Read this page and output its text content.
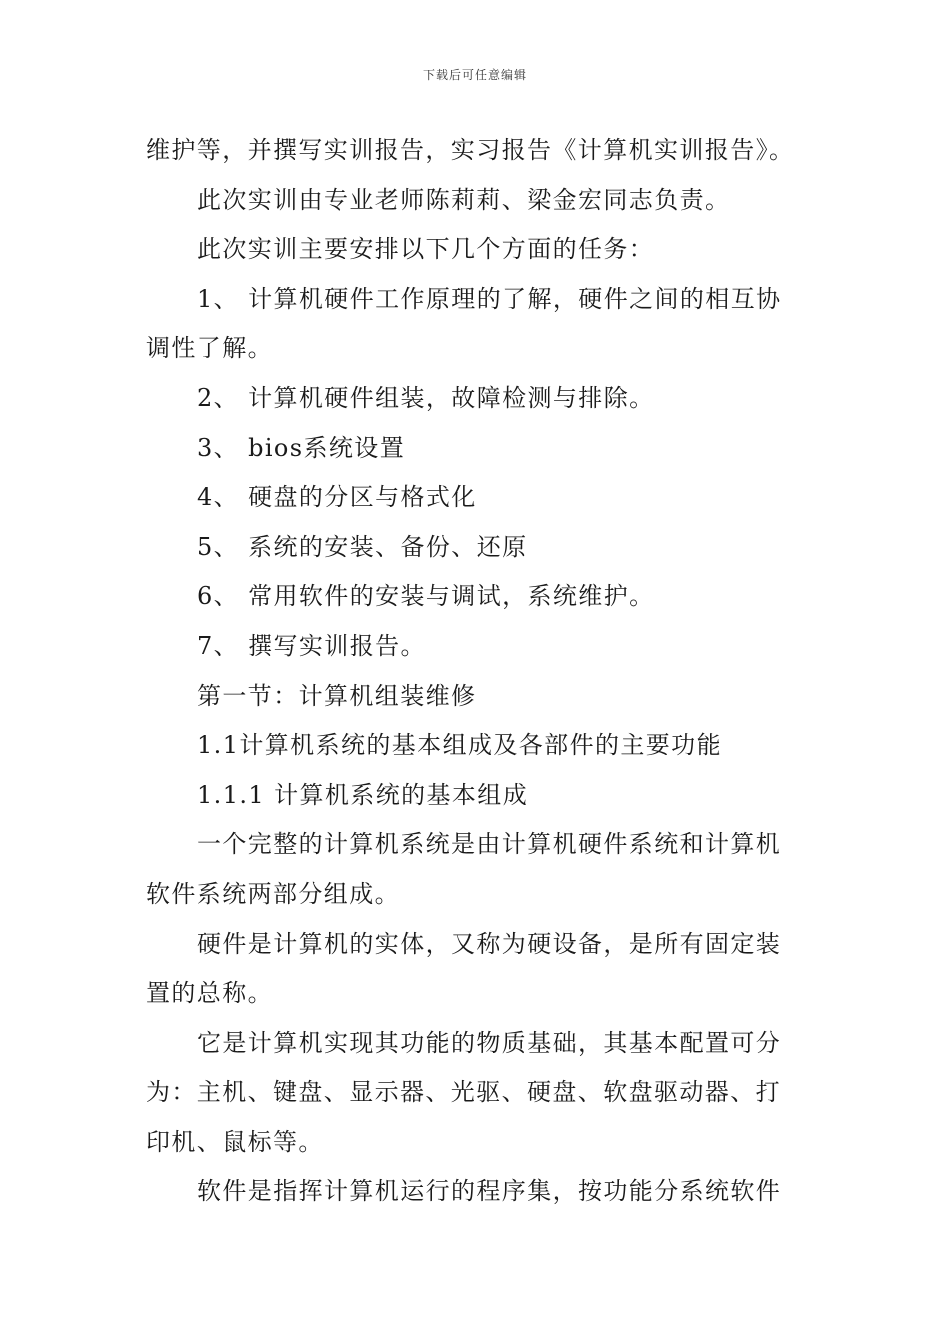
下载后可任意编辑
维护等，并撰写实训报告，实习报告《计算机实训报告》。
此次实训由专业老师陈莉莉、梁金宏同志负责。
此次实训主要安排以下几个方面的任务：
1、 计算机硬件工作原理的了解，硬件之间的相互协
调性了解。
2、 计算机硬件组装，故障检测与排除。
3、 bios系统设置
4、 硬盘的分区与格式化
5、 系统的安装、备份、还原
6、 常用软件的安装与调试，系统维护。
7、 撰写实训报告。
第一节：计算机组装维修
1.1计算机系统的基本组成及各部件的主要功能
1.1.1 计算机系统的基本组成
一个完整的计算机系统是由计算机硬件系统和计算机
软件系统两部分组成。
硬件是计算机的实体，又称为硬设备，是所有固定装
置的总称。
它是计算机实现其功能的物质基础，其基本配置可分
为：主机、键盘、显示器、光驱、硬盘、软盘驱动器、打
印机、鼠标等。
软件是指挥计算机运行的程序集，按功能分系统软件
